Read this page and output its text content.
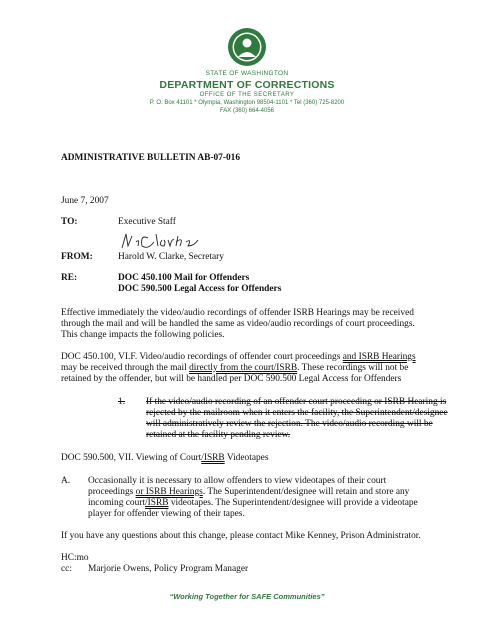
STATE OF WASHINGTON
DEPARTMENT OF CORRECTIONS
OFFICE OF THE SECRETARY
P. O. Box 41101 * Olympia, Washington 98504-1101 * Tel (360) 725-8200
FAX (360) 664-4056
ADMINISTRATIVE BULLETIN AB-07-016
June 7, 2007
TO:	Executive Staff
FROM:	Harold W. Clarke, Secretary
RE:	DOC 450.100 Mail for Offenders
DOC 590.500 Legal Access for Offenders
Effective immediately the video/audio recordings of offender ISRB Hearings may be received
through the mail and will be handled the same as video/audio recordings of court proceedings.
This change impacts the following policies.
DOC 450.100, VI.F. Video/audio recordings of offender court proceedings and ISRB Hearings
may be received through the mail directly from the court/ISRB. These recordings will not be
retained by the offender, but will be handled per DOC 590.500 Legal Access for Offenders
1. If the video/audio recording of an offender court proceeding or ISRB Hearing is
rejected by the mailroom when it enters the facility, the Superintendent/designee
will administratively review the rejection. The video/audio recording will be
retained at the facility pending review.
DOC 590.500, VII. Viewing of Court/ISRB Videotapes
A. Occasionally it is necessary to allow offenders to view videotapes of their court
proceedings or ISRB Hearings. The Superintendent/designee will retain and store any
incoming court/ISRB videotapes. The Superintendent/designee will provide a videotape
player for offender viewing of their tapes.
If you have any questions about this change, please contact Mike Kenney, Prison Administrator.
HC:mo
cc: Marjorie Owens, Policy Program Manager
“Working Together for SAFE Communities”
